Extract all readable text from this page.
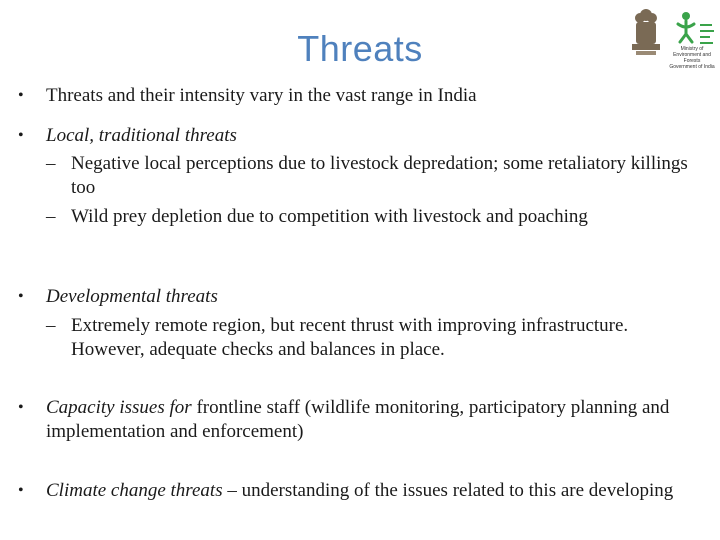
Threats	Ministry of Environment and Forests
Government of India
•	Threats and their intensity vary in the vast range in India
•	Local, traditional threats
– Negative local perceptions due to livestock depredation; some retaliatory killings too
– Wild prey depletion due to competition with livestock and poaching
•	Developmental threats
– Extremely remote region, but recent thrust with improving infrastructure. However, adequate checks and balances in place.
•	Capacity issues for frontline staff (wildlife monitoring, participatory planning and implementation and enforcement)
•	Climate change threats – understanding of the issues related to this are developing
